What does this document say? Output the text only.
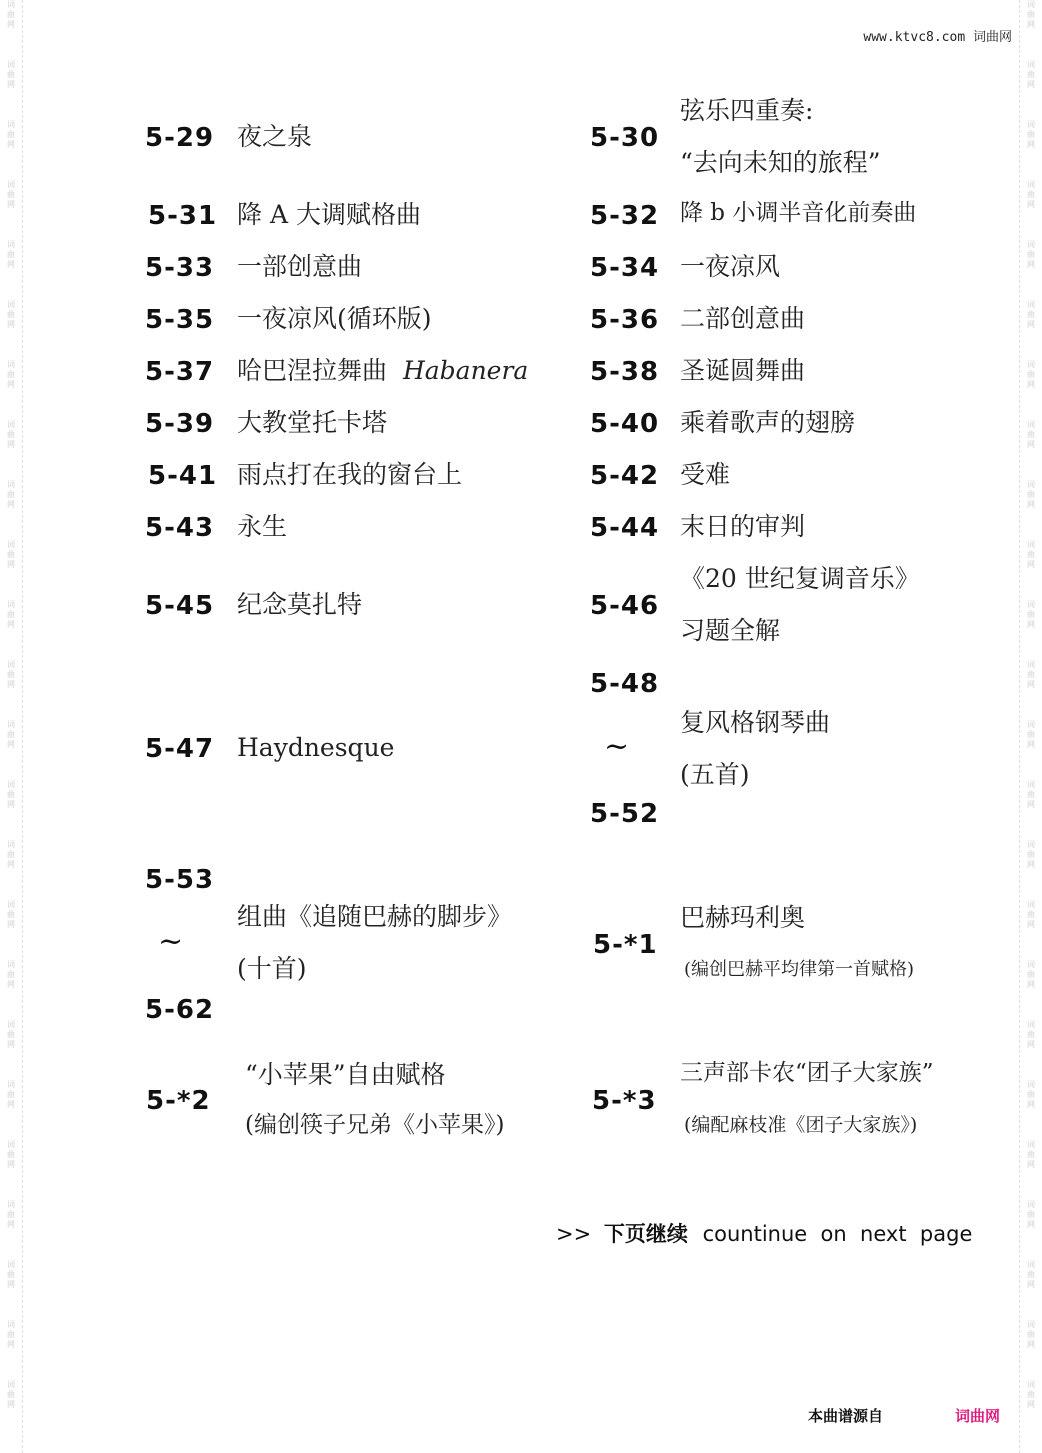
词
曲
网
词
曲
网
词
曲
网
词
曲
网
词
曲
网
词
曲
网
词
曲
网
词
曲
网
词
曲
网
词
曲
网
词
曲
网
词
曲
网
词
曲
网
词
曲
网
词
曲
网
词
曲
网
词
曲
网
词
曲
网
词
曲
网
词
曲
网
词
曲
网
词
曲
网
词
曲
网
词
曲
网
词
曲
网
词
曲
网
词
曲
网
词
曲
网
词
曲
网
词
曲
网
词
曲
网
词
曲
网
词
曲
网
词
曲
网
词
曲
网
词
曲
网
词
曲
网
词
曲
网
词
曲
网
词
曲
网
词
曲
网
词
曲
网
词
曲
网
词
曲
网
词
曲
网
词
曲
网
词
曲
网
词
曲
网
www.ktvc8.com 词曲网
5-29 夜之泉
5-31 降 A 大调赋格曲
5-33 一部创意曲
5-35 一夜凉风(循环版)
5-37 哈巴涅拉舞曲 Habanera
5-39 大教堂托卡塔
5-41 雨点打在我的窗台上
5-43 永生
5-45 纪念莫扎特
5-47 Haydnesque
5-53
~
5-62
组曲《追随巴赫的脚步》
(十首)
5-*2
“小苹果”自由赋格
(编创筷子兄弟《小苹果》)
5-30
弦乐四重奏:
“去向未知的旅程”
5-32 降 b 小调半音化前奏曲
5-34 一夜凉风
5-36 二部创意曲
5-38 圣诞圆舞曲
5-40 乘着歌声的翅膀
5-42 受难
5-44 末日的审判
5-46
《20 世纪复调音乐》
习题全解
5-48
~
5-52
复风格钢琴曲
(五首)
5-*1
巴赫玛利奥
(编创巴赫平均律第一首赋格)
5-*3
三声部卡农“团子大家族”
(编配麻枝准《团子大家族》)
>> 下页继续 countinue  on  next  page
本曲谱源自	词曲网
